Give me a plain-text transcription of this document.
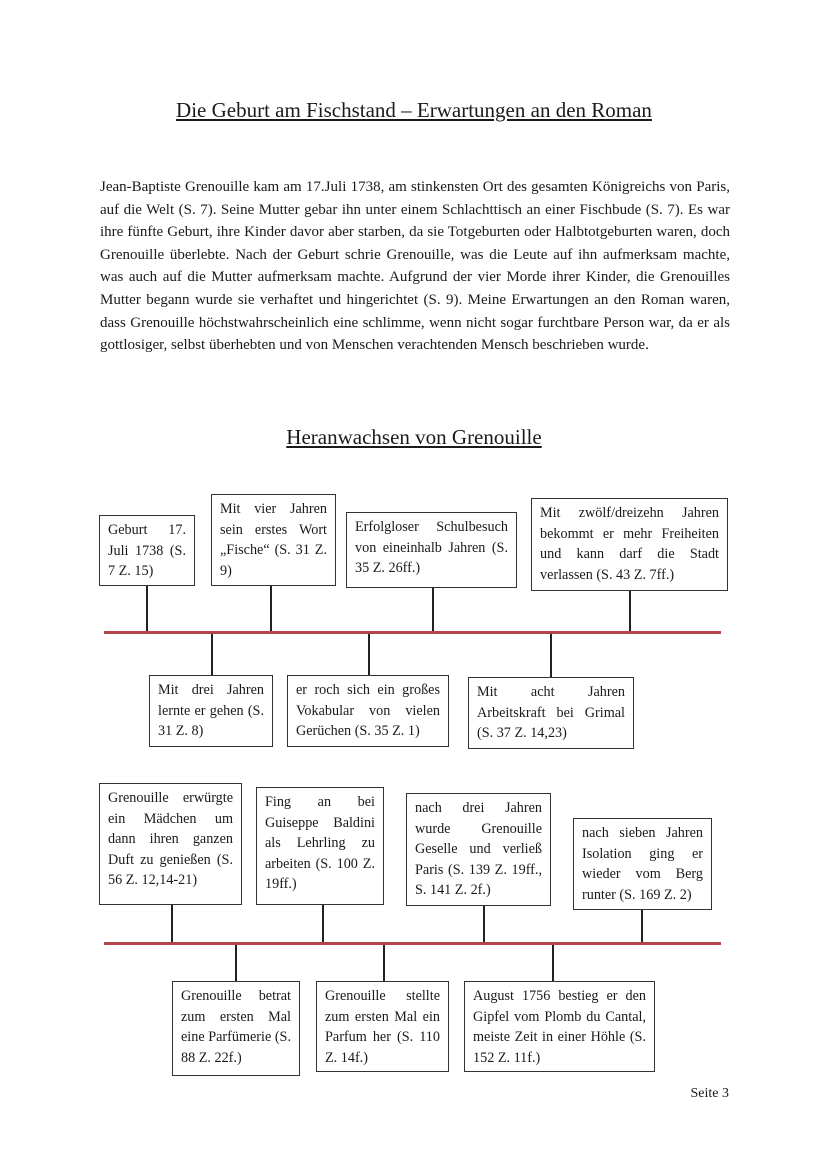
Die Geburt am Fischstand – Erwartungen an den Roman

Jean-Baptiste Grenouille kam am 17.Juli 1738, am stinkensten Ort des gesamten Königreichs von Paris, auf die Welt (S. 7). Seine Mutter gebar ihn unter einem Schlachttisch an einer Fischbude (S. 7). Es war ihre fünfte Geburt, ihre Kinder davor aber starben, da sie Totgeburten oder Halbtotgeburten waren, doch Grenouille überlebte. Nach der Geburt schrie Grenouille, was die Leute auf ihn aufmerksam machte, was auch auf die Mutter aufmerksam machte. Aufgrund der vier Morde ihrer Kinder, die Grenouilles Mutter begann wurde sie verhaftet und hingerichtet (S. 9). Meine Erwartungen an den Roman waren, dass Grenouille höchstwahrscheinlich eine schlimme, wenn nicht sogar furchtbare Person war, da er als gottlosiger, selbst überhebten und von Menschen verachtenden Mensch beschrieben wurde.

Heranwachsen von Grenouille
Geburt 17. Juli 1738 (S. 7 Z. 15)
Mit vier Jahren sein erstes Wort „Fische“ (S. 31 Z. 9)
Erfolgloser Schulbesuch von eineinhalb Jahren (S. 35 Z. 26ff.)
Mit zwölf/dreizehn Jahren bekommt er mehr Freiheiten und kann darf die Stadt verlassen (S. 43 Z. 7ff.)
Mit drei Jahren lernte er gehen (S. 31 Z. 8)
er roch sich ein großes Vokabular von vielen Gerüchen (S. 35 Z. 1)
Mit acht Jahren Arbeitskraft bei Grimal (S. 37 Z. 14,23)
Grenouille erwürgte ein Mädchen um dann ihren ganzen Duft zu genießen (S. 56 Z. 12,14-21)
Fing an bei Guiseppe Baldini als Lehrling zu arbeiten (S. 100 Z. 19ff.)
nach drei Jahren wurde Grenouille Geselle und verließ Paris (S. 139 Z. 19ff., S. 141 Z. 2f.)
nach sieben Jahren Isolation ging er wieder vom Berg runter (S. 169 Z. 2)
Grenouille betrat zum ersten Mal eine Parfümerie (S. 88 Z. 22f.)
Grenouille stellte zum ersten Mal ein Parfum her (S. 110 Z. 14f.)
August 1756 bestieg er den Gipfel vom Plomb du Cantal, meiste Zeit in einer Höhle (S. 152 Z. 11f.)
Seite 3
